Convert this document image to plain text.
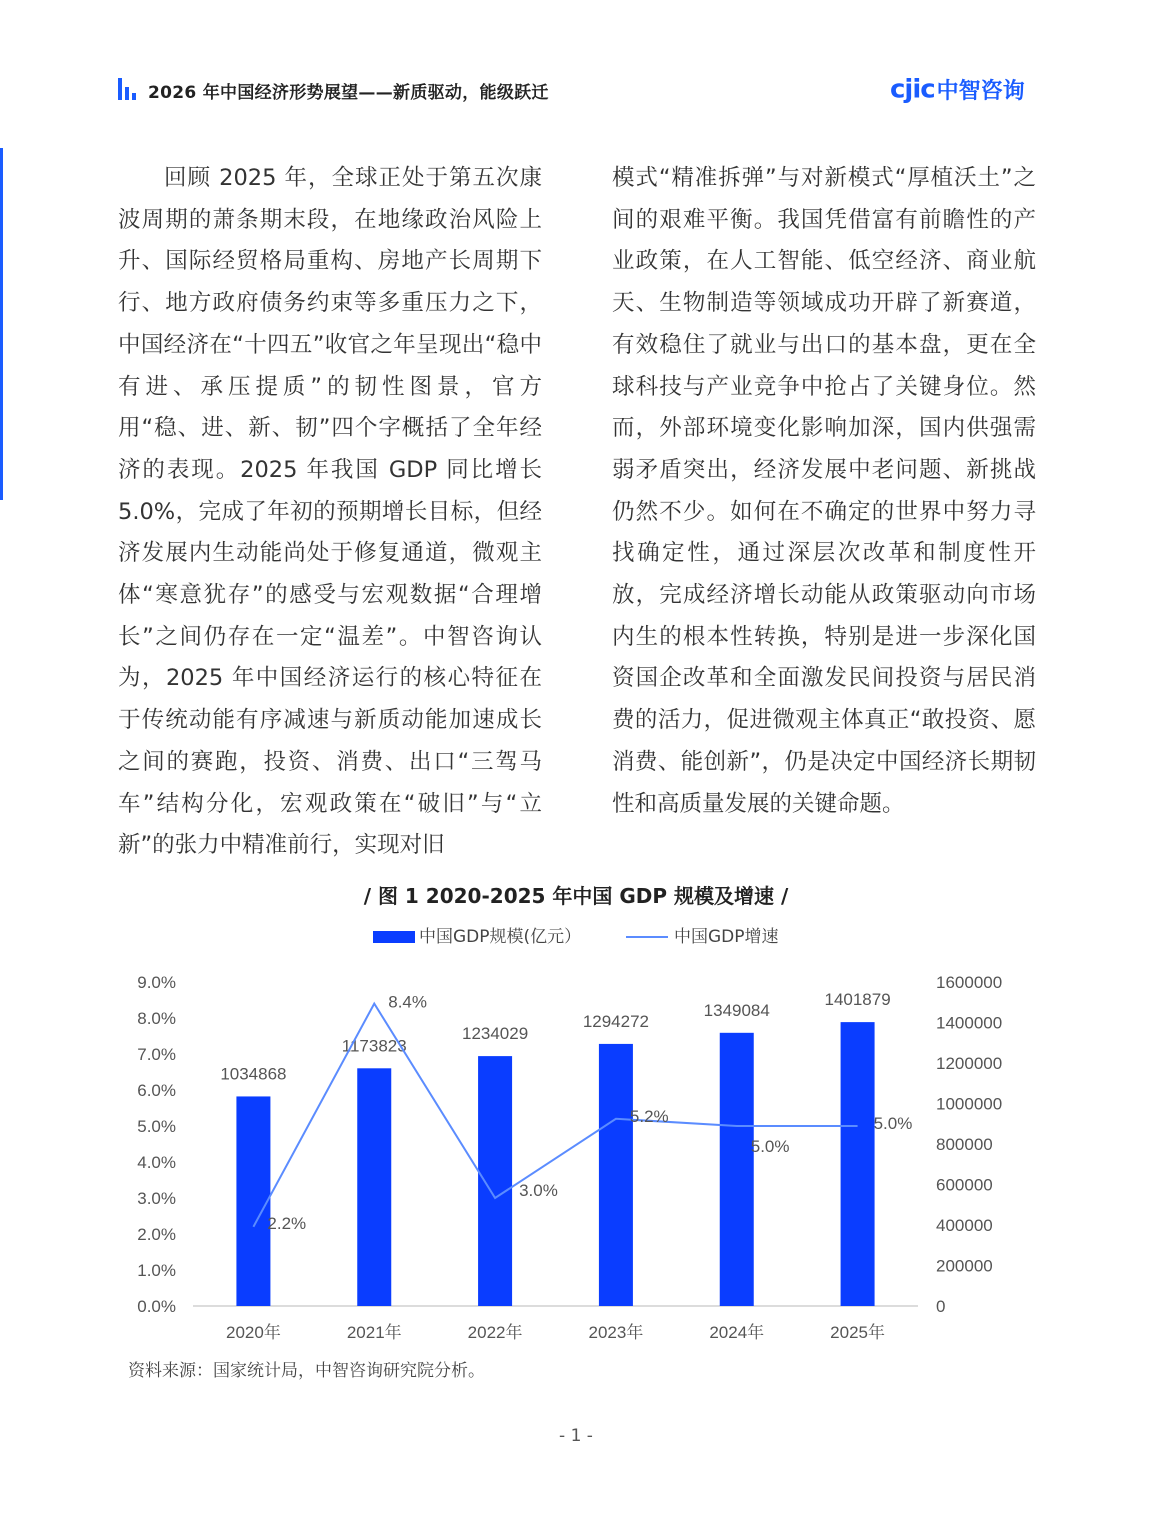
2026 年中国经济形势展望——新质驱动，能级跃迁	cjic中智咨询
回顾 2025 年，全球正处于第五次康波周期的萧条期末段，在地缘政治风险上升、国际经贸格局重构、房地产长周期下行、地方政府债务约束等多重压力之下，中国经济在“十四五”收官之年呈现出“稳中有进、承压提质”的韧性图景，官方用“稳、进、新、韧”四个字概括了全年经济的表现。2025 年我国 GDP 同比增长 5.0%，完成了年初的预期增长目标，但经济发展内生动能尚处于修复通道，微观主体“寒意犹存”的感受与宏观数据“合理增长”之间仍存在一定“温差”。中智咨询认为，2025 年中国经济运行的核心特征在于传统动能有序减速与新质动能加速成长之间的赛跑，投资、消费、出口“三驾马车”结构分化，宏观政策在“破旧”与“立新”的张力中精准前行，实现对旧
模式“精准拆弹”与对新模式“厚植沃土”之间的艰难平衡。我国凭借富有前瞻性的产业政策，在人工智能、低空经济、商业航天、生物制造等领域成功开辟了新赛道，有效稳住了就业与出口的基本盘，更在全球科技与产业竞争中抢占了关键身位。然而，外部环境变化影响加深，国内供强需弱矛盾突出，经济发展中老问题、新挑战仍然不少。如何在不确定的世界中努力寻找确定性，通过深层次改革和制度性开放，完成经济增长动能从政策驱动向市场内生的根本性转换，特别是进一步深化国资国企改革和全面激发民间投资与居民消费的活力，促进微观主体真正“敢投资、愿消费、能创新”，仍是决定中国经济长期韧性和高质量发展的关键命题。
/ 图 1 2020-2025 年中国 GDP 规模及增速 /
中国GDP规模(亿元）	中国GDP增速
0.0%
1.0%
2.0%
3.0%
4.0%
5.0%
6.0%
7.0%
8.0%
9.0%
0
200000
400000
600000
800000
1000000
1200000
1400000
1600000
1034868
1173823
1234029
1294272
1349084
1401879
2.2%
8.4%
3.0%
5.2%
5.0%
5.0%
2020年	2021年	2022年	2023年	2024年	2025年
资料来源：国家统计局，中智咨询研究院分析。
- 1 -
